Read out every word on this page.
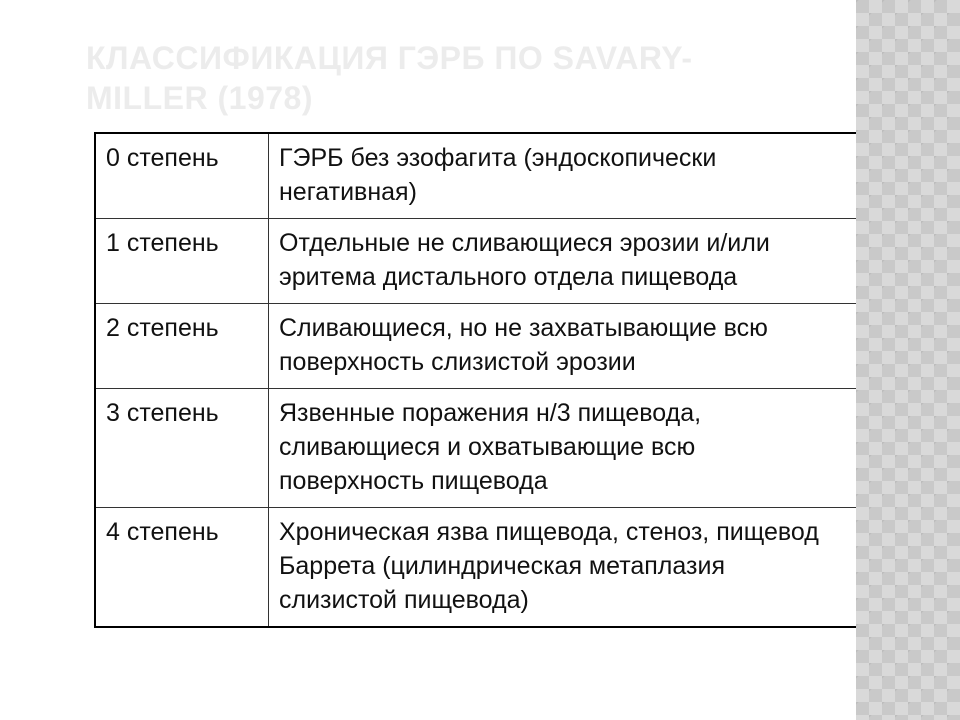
КЛАССИФИКАЦИЯ ГЭРБ ПО SAVARY-MILLER (1978)
0 степень	ГЭРБ без эзофагита (эндоскопически негативная)
1 степень	Отдельные не сливающиеся эрозии и/или эритема дистального отдела пищевода
2 степень	Сливающиеся, но не захватывающие всю поверхность слизистой эрозии
3 степень	Язвенные поражения н/3 пищевода, сливающиеся и охватывающие всю поверхность пищевода
4 степень	Хроническая язва пищевода, стеноз, пищевод Баррета (цилиндрическая метаплазия слизистой пищевода)
